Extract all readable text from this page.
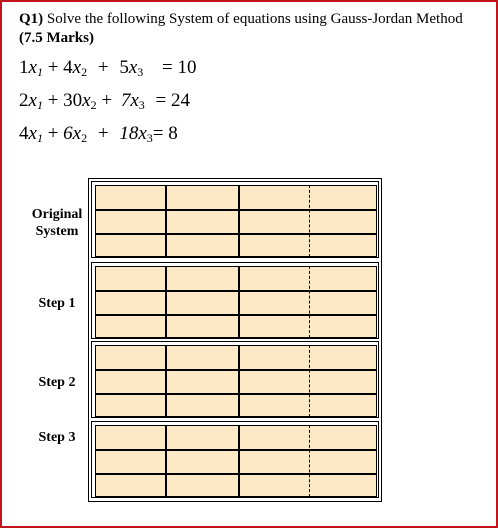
Q1) Solve the following System of equations using Gauss-Jordan Method
(7.5 Marks)
$1x_1 + 4x_2 + 5x_3 = 10$
$2x_1 + 30x_2 + 7x_3 = 24$
$4x_1 + 6x_2 + 18x_3= 8$
Original
System
Step 1
Step 2
Step 3
